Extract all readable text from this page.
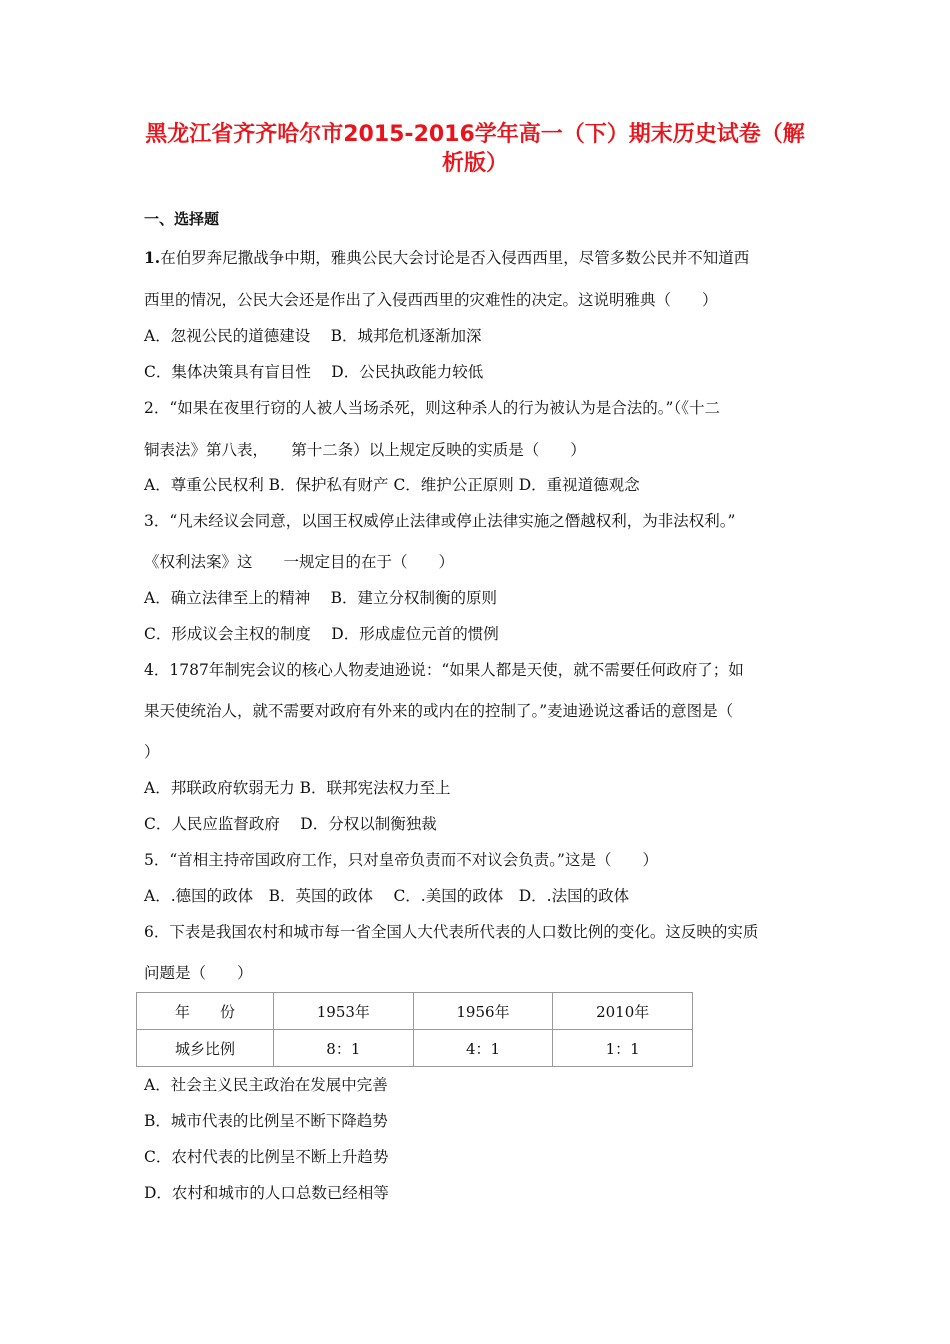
黑龙江省齐齐哈尔市2015-2016学年高一（下）期末历史试卷（解
析版）
一、选择题
1.在伯罗奔尼撒战争中期，雅典公民大会讨论是否入侵西西里，尽管多数公民并不知道西
西里的情况，公民大会还是作出了入侵西西里的灾难性的决定。这说明雅典（　　）
A．忽视公民的道德建设　 B．城邦危机逐渐加深
C．集体决策具有盲目性　 D．公民执政能力较低
2．“如果在夜里行窃的人被人当场杀死，则这种杀人的行为被认为是合法的。”（《十二
铜表法》第八表，　　第十二条）以上规定反映的实质是（　　）
A．尊重公民权利 B．保护私有财产 C．维护公正原则 D．重视道德观念
3．“凡未经议会同意，以国王权威停止法律或停止法律实施之僭越权利，为非法权利。”
《权利法案》这　　一规定目的在于（　　）
A．确立法律至上的精神　 B．建立分权制衡的原则
C．形成议会主权的制度　 D．形成虚位元首的惯例
4．1787年制宪会议的核心人物麦迪逊说：“如果人都是天使，就不需要任何政府了；如
果天使统治人，就不需要对政府有外来的或内在的控制了。”麦迪逊说这番话的意图是（
）
A．邦联政府软弱无力 B．联邦宪法权力至上
C．人民应监督政府　 D．分权以制衡独裁
5．“首相主持帝国政府工作，只对皇帝负责而不对议会负责。”这是（　　）
A．.德国的政体　B．英国的政体　 C．.美国的政体　D．.法国的政体
6．下表是我国农村和城市每一省全国人大代表所代表的人口数比例的变化。这反映的实质
问题是（　　）
年　　份	1953年	1956年	2010年
城乡比例	8：1	4：1	1：1
A．社会主义民主政治在发展中完善
B．城市代表的比例呈不断下降趋势
C．农村代表的比例呈不断上升趋势
D．农村和城市的人口总数已经相等
